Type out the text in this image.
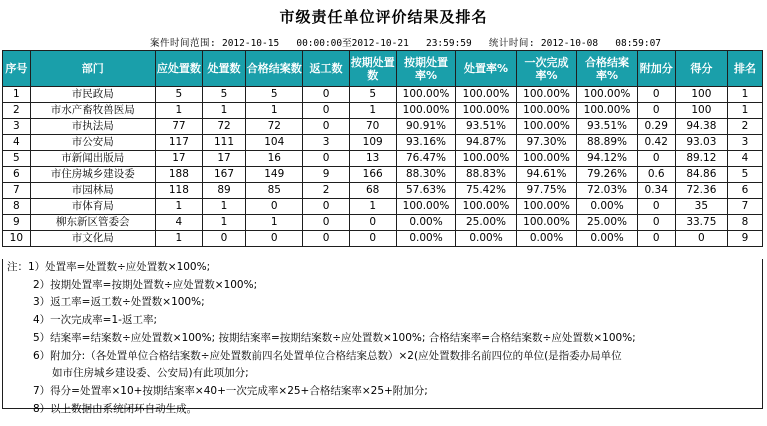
市级责任单位评价结果及排名
案件时间范围: 2012-10-15 00:00:00至2012-10-21 23:59:59 统计时间: 2012-10-08 08:59:07
序号	部门	应处置数	处置数	合格结案数	返工数	按期处置数	按期处置率%	处置率%	一次完成率%	合格结案率%	附加分	得分	排名
1	市民政局	5	5	5	0	5	100.00%	100.00%	100.00%	100.00%	0	100	1
2	市水产畜牧兽医局	1	1	1	0	1	100.00%	100.00%	100.00%	100.00%	0	100	1
3	市执法局	77	72	72	0	70	90.91%	93.51%	100.00%	93.51%	0.29	94.38	2
4	市公安局	117	111	104	3	109	93.16%	94.87%	97.30%	88.89%	0.42	93.03	3
5	市新闻出版局	17	17	16	0	13	76.47%	100.00%	100.00%	94.12%	0	89.12	4
6	市住房城乡建设委	188	167	149	9	166	88.30%	88.83%	94.61%	79.26%	0.6	84.86	5
7	市园林局	118	89	85	2	68	57.63%	75.42%	97.75%	72.03%	0.34	72.36	6
8	市体育局	1	1	0	0	1	100.00%	100.00%	100.00%	0.00%	0	35	7
9	柳东新区管委会	4	1	1	0	0	0.00%	25.00%	100.00%	25.00%	0	33.75	8
10	市文化局	1	0	0	0	0	0.00%	0.00%	0.00%	0.00%	0	0	9
注：1）处置率=处置数÷应处置数×100%;
2）按期处置率=按期处置数÷应处置数×100%;
3）返工率=返工数÷处置数×100%;
4）一次完成率=1-返工率;
5）结案率=结案数÷应处置数×100%; 按期结案率=按期结案数÷应处置数×100%; 合格结案率=合格结案数÷应处置数×100%;
6）附加分:（各处置单位合格结案数÷应处置数前四名处置单位合格结案总数）×2(应处置数排名前四位的单位(是指委办局单位
如市住房城乡建设委、公安局)有此项加分;
7）得分=处置率×10+按期结案率×40+一次完成率×25+合格结案率×25+附加分;
8）以上数据由系统闭环自动生成。
